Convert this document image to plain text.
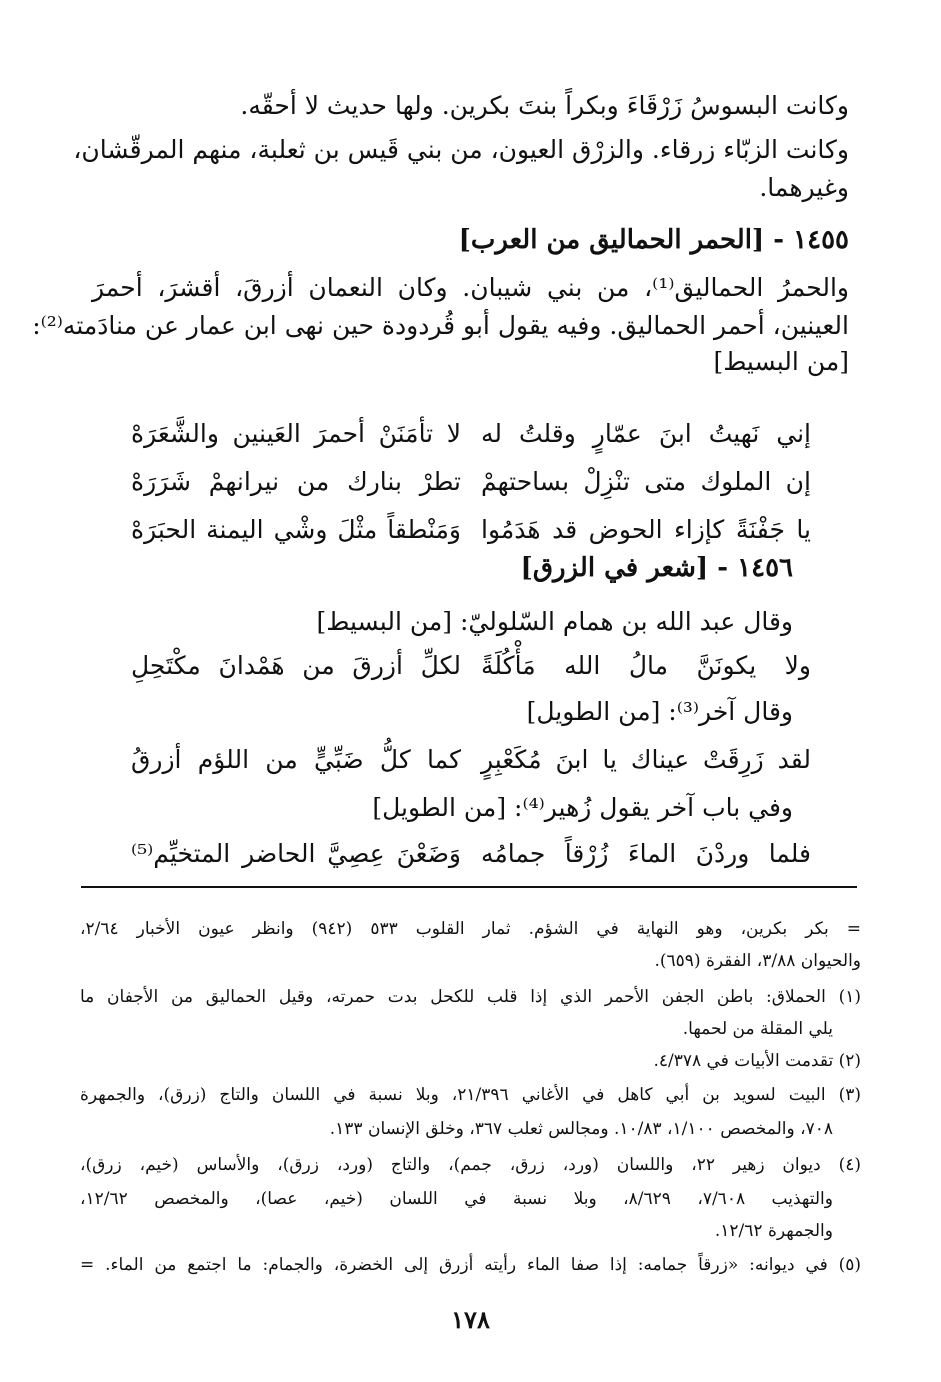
وكانت البسوسُ زَرْقَاءَ وبكراً بنتَ بكرين. ولها حديث لا أحقّه.

وكانت الزبّاء زرقاء. والزرْق العيون، من بني قَيس بن ثعلبة، منهم المرقّشان،

وغيرهما.

١٤٥٥ - [الحمر الحماليق من العرب]

والحمرُ الحماليق⁽¹⁾، من بني شيبان. وكان النعمان أزرقَ، أقشرَ، أحمرَ

العينين، أحمر الحماليق. وفيه يقول أبو قُردودة حين نهى ابن عمار عن منادَمته⁽²⁾:

[من البسيط]

إني نَهيتُ ابنَ عمّارٍ وقلتُ له
لا تأمَنَنْ أحمرَ العَينين والشَّعَرَهْ
إن الملوك متى تنْزِلْ بساحتهمْ
تطرْ بنارك من نيرانهمْ شَرَرَهْ
يا جَفْنَةً كإزاء الحوض قد هَدَمُوا
وَمَنْطقاً مثْلَ وشْي اليمنة الحبَرَهْ

١٤٥٦ - [شعر في الزرق]

وقال عبد الله بن همام السّلوليّ: [من البسيط]

ولا يكونَنَّ مالُ الله مَأْكُلَةً
لكلِّ أزرقَ من هَمْدانَ مكْتَحِلِ

وقال آخر⁽³⁾: [من الطويل]

لقد زَرِقَتْ عيناك يا ابنَ مُكَعْبِرٍ
كما كلُّ ضَبِّيٍّ من اللؤم أزرقُ

وفي باب آخر يقول زُهير⁽⁴⁾: [من الطويل]

فلما وردْنَ الماءَ زُرْقاً جمامُه
وَضَعْنَ عِصِيَّ الحاضر المتخيِّم⁽⁵⁾

= بكر بكرين، وهو النهاية في الشؤم. ثمار القلوب ٥٣٣ (٩٤٢) وانظر عيون الأخبار ٢/٦٤،

والحيوان ٣/٨٨، الفقرة (٦٥٩).

(١) الحملاق: باطن الجفن الأحمر الذي إذا قلب للكحل بدت حمرته، وقيل الحماليق من الأجفان ما

يلي المقلة من لحمها.

(٢) تقدمت الأبيات في ٤/٣٧٨.

(٣) البيت لسويد بن أبي كاهل في الأغاني ٢١/٣٩٦، وبلا نسبة في اللسان والتاج (زرق)، والجمهرة

٧٠٨، والمخصص ١/١٠٠، ١٠/٨٣. ومجالس ثعلب ٣٦٧، وخلق الإنسان ١٣٣.

(٤) ديوان زهير ٢٢، واللسان (ورد، زرق، جمم)، والتاج (ورد، زرق)، والأساس (خيم، زرق)،

والتهذيب ٧/٦٠٨، ٨/٦٢٩، وبلا نسبة في اللسان (خيم، عصا)، والمخصص ١٢/٦٢،

والجمهرة ١٢/٦٢.

(٥) في ديوانه: «زرقاً جمامه: إذا صفا الماء رأيته أزرق إلى الخضرة، والجمام: ما اجتمع من الماء. =

١٧٨
